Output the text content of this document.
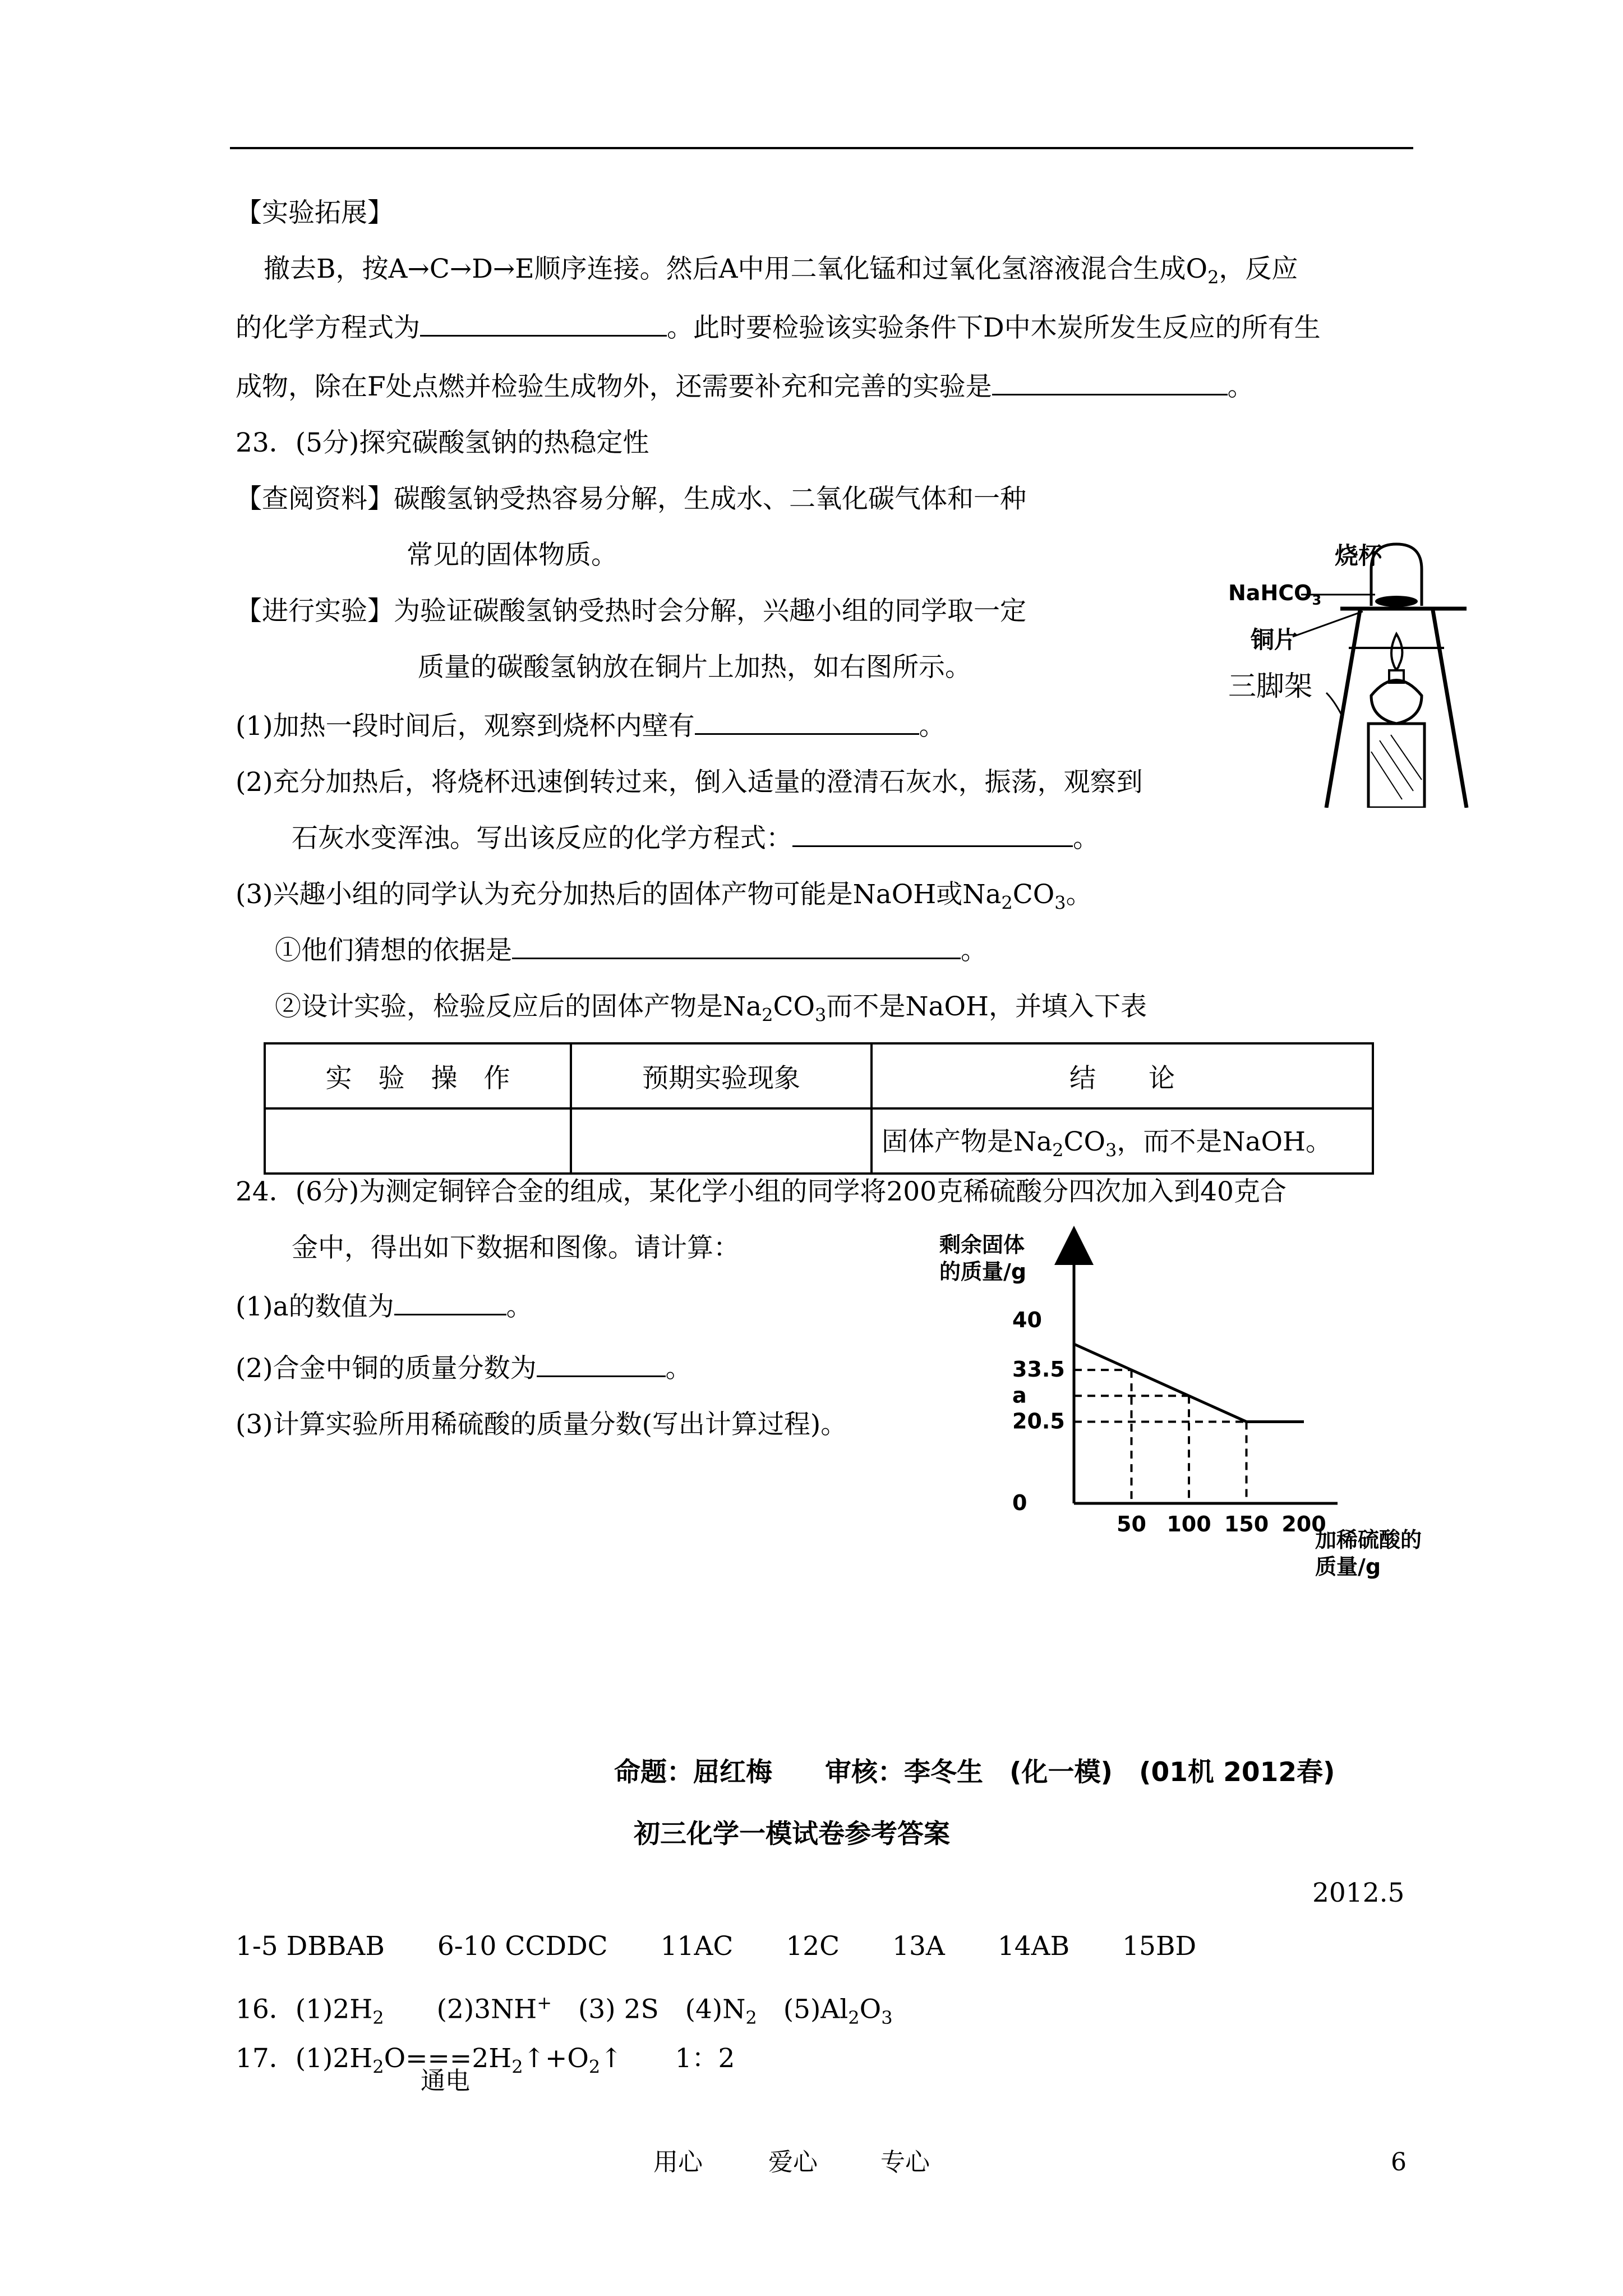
【实验拓展】
撤去B，按A→C→D→E顺序连接。然后A中用二氧化锰和过氧化氢溶液混合生成$O_2$，反应
的化学方程式为	。此时要检验该实验条件下D中木炭所发生反应的所有生
成物，除在F处点燃并检验生成物外，还需要补充和完善的实验是	。
23．(5分)探究碳酸氢钠的热稳定性
【查阅资料】碳酸氢钠受热容易分解，生成水、二氧化碳气体和一种
常见的固体物质。
【进行实验】为验证碳酸氢钠受热时会分解，兴趣小组的同学取一定
质量的碳酸氢钠放在铜片上加热，如右图所示。
(1)加热一段时间后，观察到烧杯内壁有	。
(2)充分加热后，将烧杯迅速倒转过来，倒入适量的澄清石灰水，振荡，观察到
石灰水变浑浊。写出该反应的化学方程式：	。
(3)兴趣小组的同学认为充分加热后的固体产物可能是NaOH或$Na_2CO_3$。
①他们猜想的依据是	。
②设计实验，检验反应后的固体产物是$Na_2CO_3$而不是NaOH，并填入下表
烧杯
NaHCO$_3$
铜片
三脚架
实　验　操　作	预期实验现象	结　　论
		固体产物是$Na_2CO_3$，而不是NaOH。
24．(6分)为测定铜锌合金的组成，某化学小组的同学将200克稀硫酸分四次加入到40克合
金中，得出如下数据和图像。请计算：
(1)a的数值为	。
(2)合金中铜的质量分数为	。
(3)计算实验所用稀硫酸的质量分数(写出计算过程)。
剩余固体
的质量/g
50 100 150 200
0
20.5
a
33.5
40
加稀硫酸的
质量/g
命题：屈红梅　　审核：李冬生　(化一模)　(01机 2012春)
初三化学一模试卷参考答案
2012.5
1-5 DBBAB　　6-10 CCDDC　　11AC　　12C　　13A　　14AB　　15BD
16．$(1)2H_2$　　 (2)3NH+　 (3) 2S　$(4)N_2$　 $(5)Al_2O_3$
17．$(1)2H_2O===2H_2↑+O_2↑$　　1：2
通电
用心	爱心	专心	6
